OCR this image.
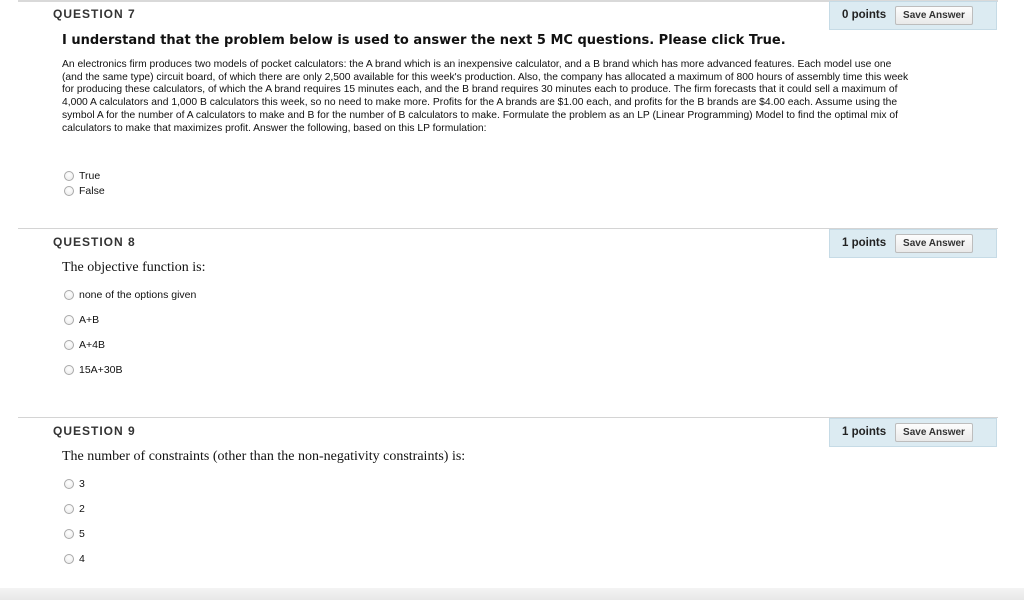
QUESTION 7	0 points	Save Answer
I understand that the problem below is used to answer the next 5 MC questions. Please click True.
An electronics firm produces two models of pocket calculators: the A brand which is an inexpensive calculator, and a B brand which has more advanced features. Each model use one
(and the same type) circuit board, of which there are only 2,500 available for this week's production. Also, the company has allocated a maximum of 800 hours of assembly time this week
for producing these calculators, of which the A brand requires 15 minutes each, and the B brand requires 30 minutes each to produce. The firm forecasts that it could sell a maximum of
4,000 A calculators and 1,000 B calculators this week, so no need to make more. Profits for the A brands are $1.00 each, and profits for the B brands are $4.00 each. Assume using the
symbol A for the number of A calculators to make and B for the number of B calculators to make. Formulate the problem as an LP (Linear Programming) Model to find the optimal mix of
calculators to make that maximizes profit. Answer the following, based on this LP formulation:
True
False
QUESTION 8	1 points	Save Answer
The objective function is:
none of the options given
A+B
A+4B
15A+30B
QUESTION 9	1 points	Save Answer
The number of constraints (other than the non-negativity constraints) is:
3
2
5
4
